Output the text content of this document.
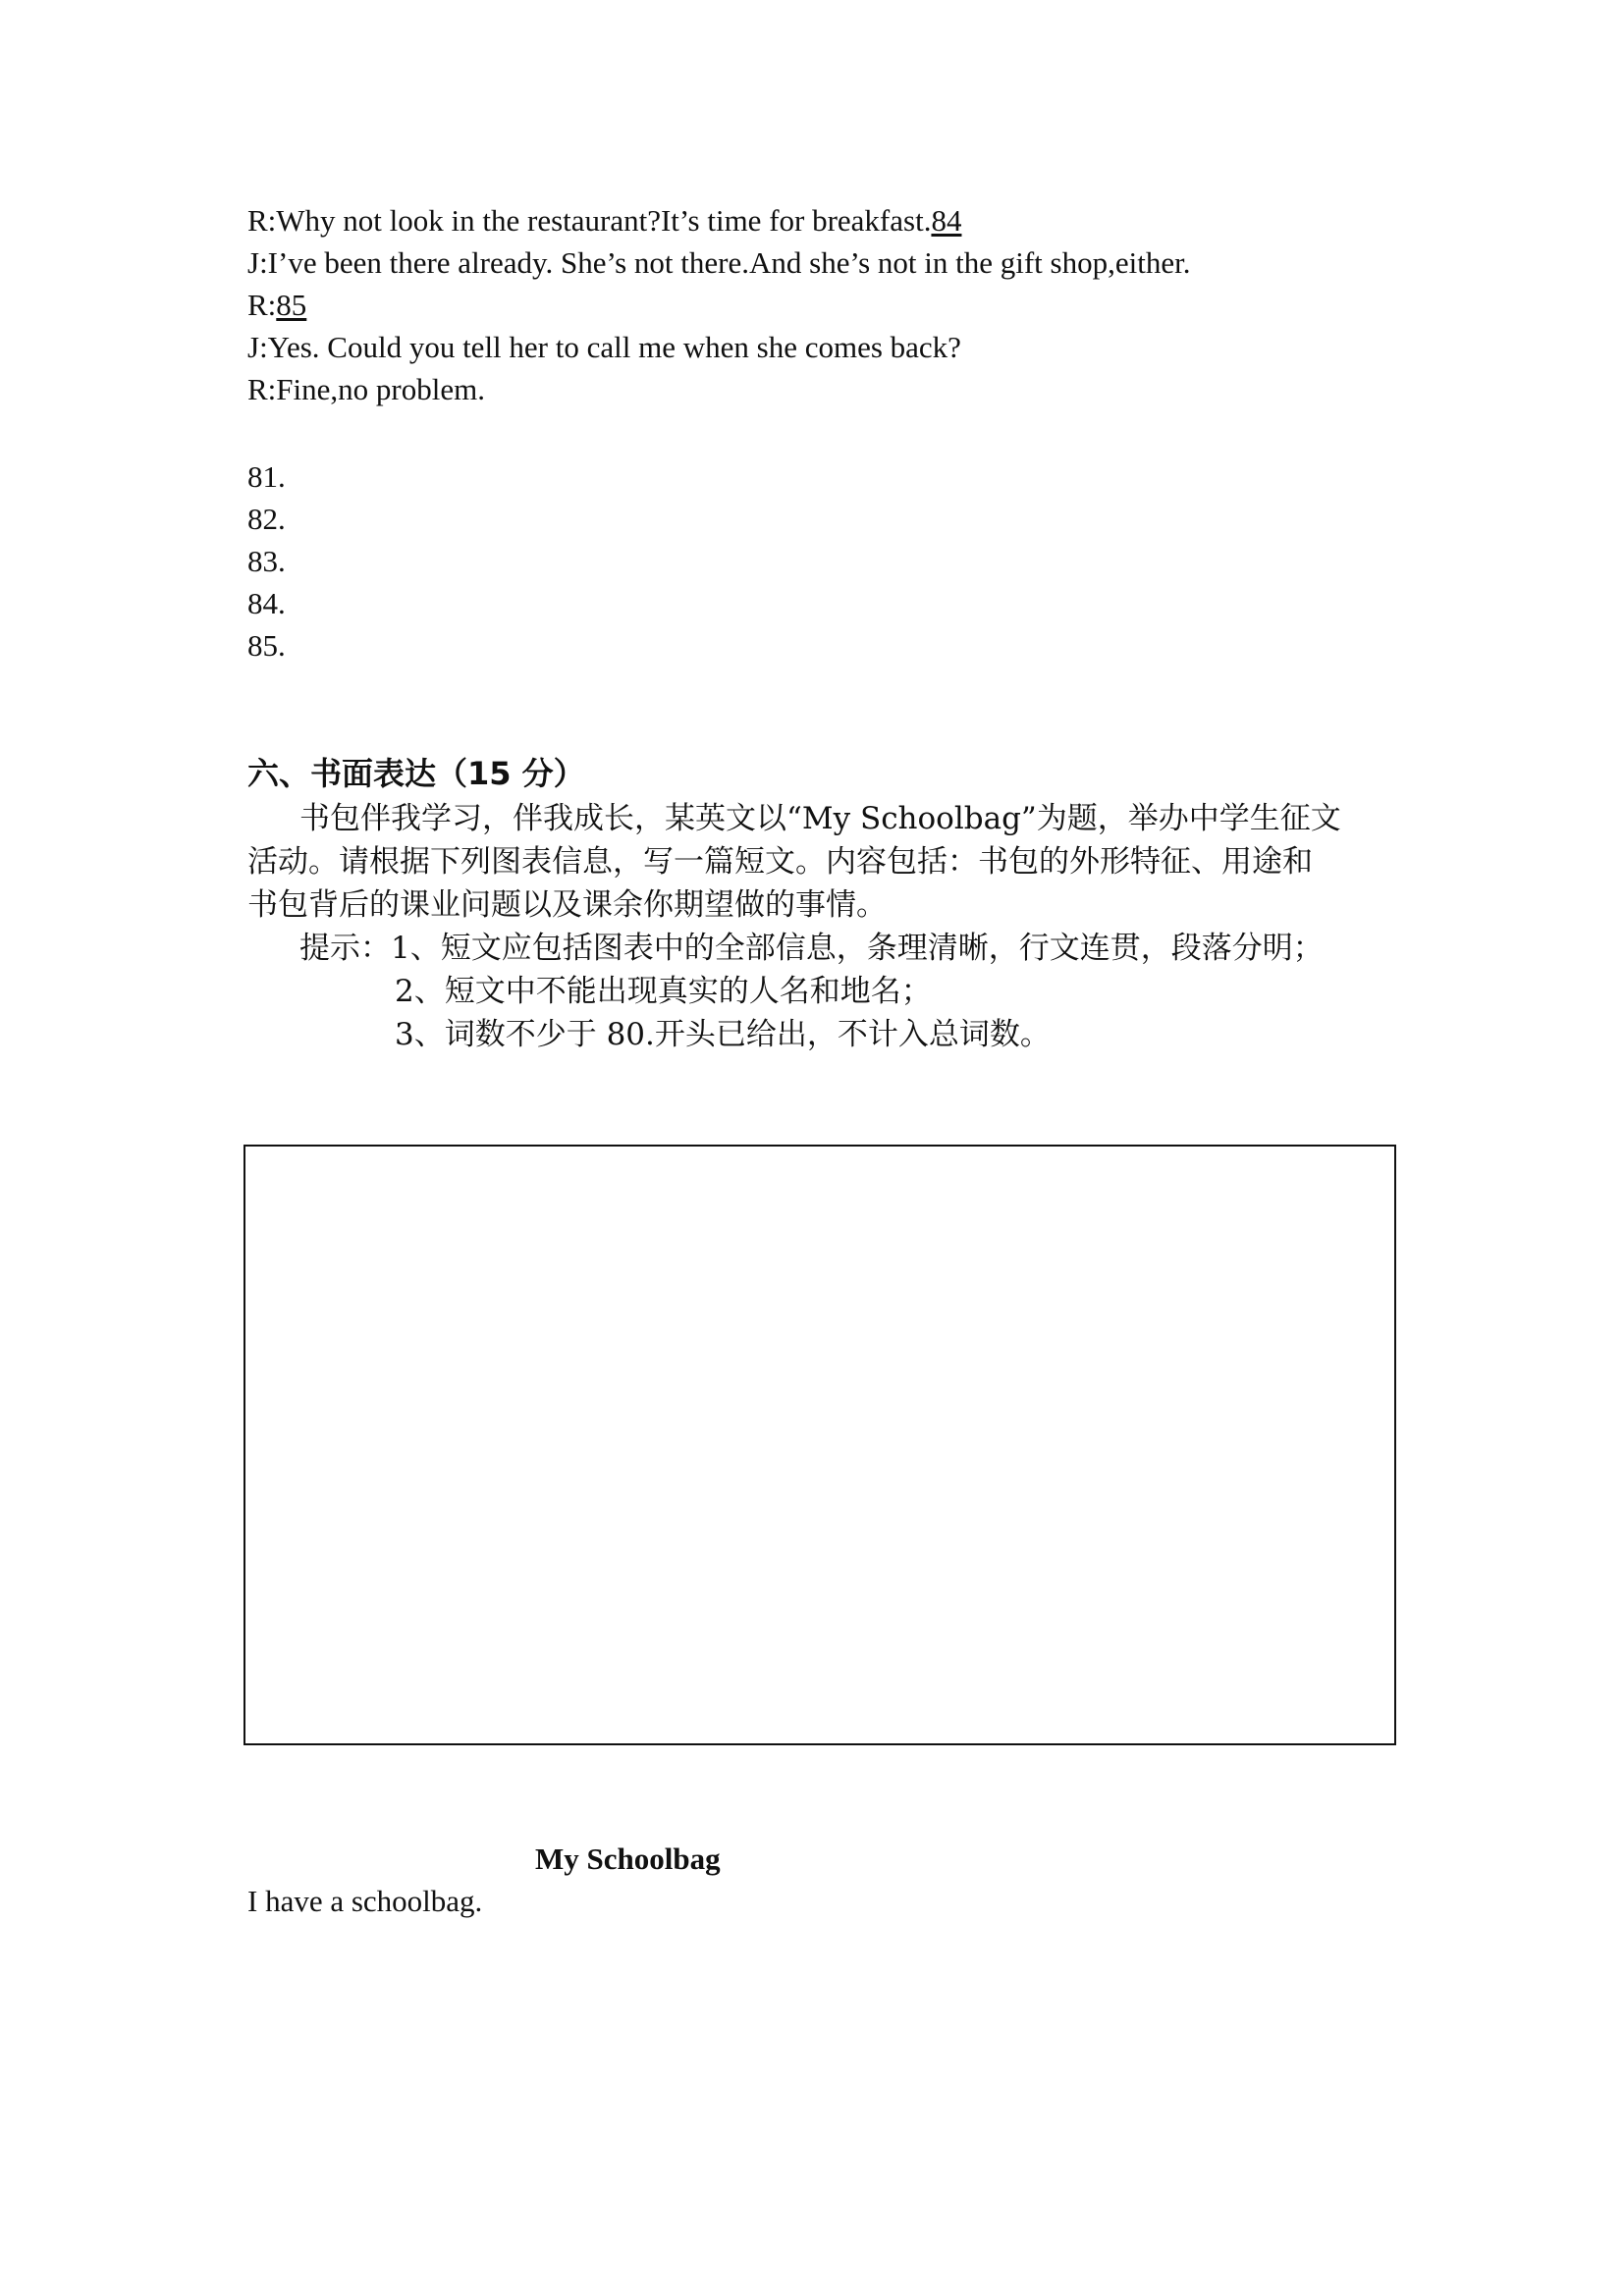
R:Why not look in the restaurant?It’s time for breakfast.84
J:I’ve been there already. She’s not there.And she’s not in the gift shop,either.
R:85
J:Yes. Could you tell her to call me when she comes back?
R:Fine,no problem.
81.
82.
83.
84.
85.
六、书面表达（15 分）
书包伴我学习，伴我成长，某英文以“My Schoolbag”为题，举办中学生征文
活动。请根据下列图表信息，写一篇短文。内容包括：书包的外形特征、用途和
书包背后的课业问题以及课余你期望做的事情。
提示：1、短文应包括图表中的全部信息，条理清晰，行文连贯，段落分明；
2、短文中不能出现真实的人名和地名；
3、词数不少于 80.开头已给出，不计入总词数。
My Schoolbag
I have a schoolbag.
